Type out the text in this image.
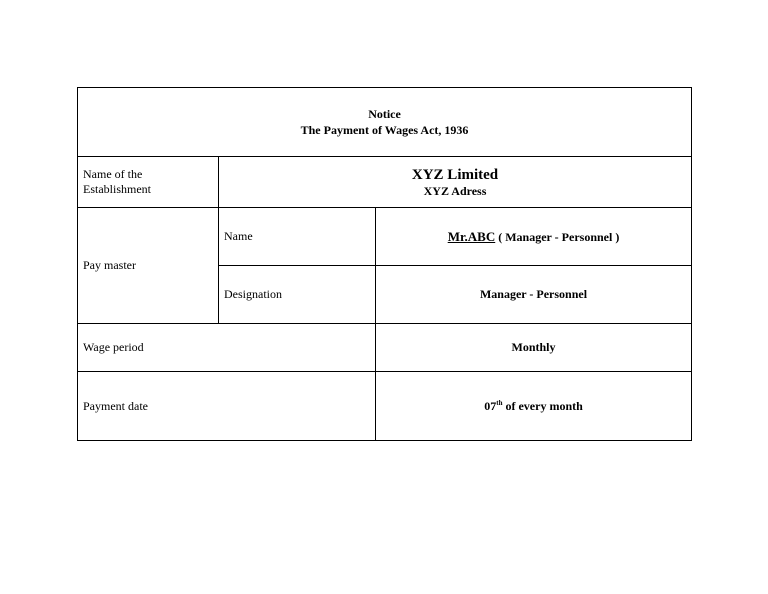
Notice
The Payment of Wages Act, 1936		

Name of the Establishment	XYZ Limited
XYZ Adress	

Pay master	Name	Mr.ABC ( Manager - Personnel )
	Designation	Manager - Personnel
Wage period		Monthly
Payment date		07th of every month
